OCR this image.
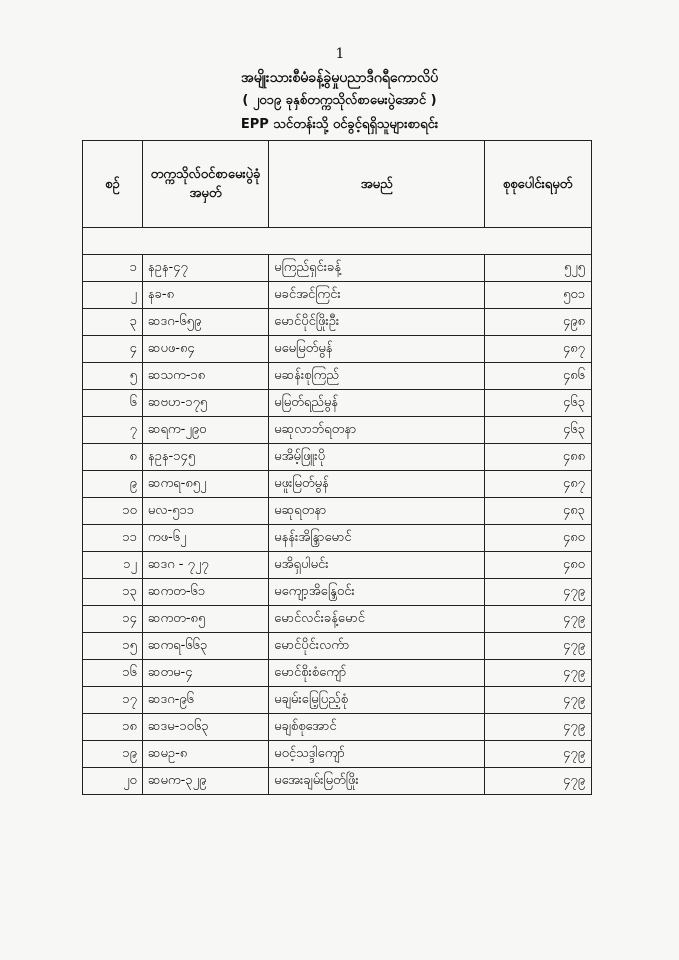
1
အမျိုးသားစီမံခန့်ခွဲမှုပညာဒီဂရီကောလိပ်
( ၂၀၁၉ ခုနှစ်တက္ကသိုလ်စာမေးပွဲအောင် )
EPP သင်တန်းသို့ ဝင်ခွင့်ရရှိသူများစာရင်း
စဉ်	တက္ကသိုလ်ဝင်စာမေးပွဲခုံအမှတ်	အမည်	စုစုပေါင်းရမှတ်

၁	နဥန-၄၇	မကြည်ရှင်းခန့်	၅၂၅
၂	နခ-၈	မခင်အင်ကြင်း	၅၀၁
၃	ဆဒဂ-၆၅၉	မောင်ပိုင်ဖြိုးဦး	၄၉၈
၄	ဆပဖ-၈၄	မမေမြတ်မွန်	၄၈၇
၅	ဆသက-၁၈	မဆန်းစုကြည်	၄၈၆
၆	ဆဗဟ-၁၇၅	မမြတ်ရည်မွန်	၄၆၃
၇	ဆရက-၂၉၀	မဆုလာဘ်ရတနာ	၄၆၃
၈	နဥန-၁၄၅	မအိမ့်ဖြူးပို	၄၈၈
၉	ဆကရ-၈၅၂	မဖူးမြတ်မွန်	၄၈၇
၁၀	မလ-၅၁၁	မဆုရတနာ	၄၈၃
၁၁	ကဖ-၆၂	မနန်းအိန္ဒြာမောင်	၄၈၀
၁၂	ဆဒဂ - ၇၂၇	မအိရှပါမင်း	၄၈၀
၁၃	ဆကတ-၆၁	မကျော့အိန္ဒြေဝင်း	၄၇၉
၁၄	ဆကတ-၈၅	မောင်လင်းခန့်မောင်	၄၇၉
၁၅	ဆကရ-၆၆၃	မောင်ပိုင်းလက်ာ	၄၇၉
၁၆	ဆတမ-၄	မောင်စိုးစံကျော်	၄၇၉
၁၇	ဆဒဂ-၉၆	မချမ်းမြေ့ပြည့်စုံ	၄၇၉
၁၈	ဆဒမ-၁၀၆၃	မချစ်စုအောင်	၄၇၉
၁၉	ဆမဥ-၈	မဝင့်သဒ္ဒါကျော်	၄၇၉
၂၀	ဆမက-၃၂၉	မအေးချမ်းမြတ်ဖြိုး	၄၇၉
